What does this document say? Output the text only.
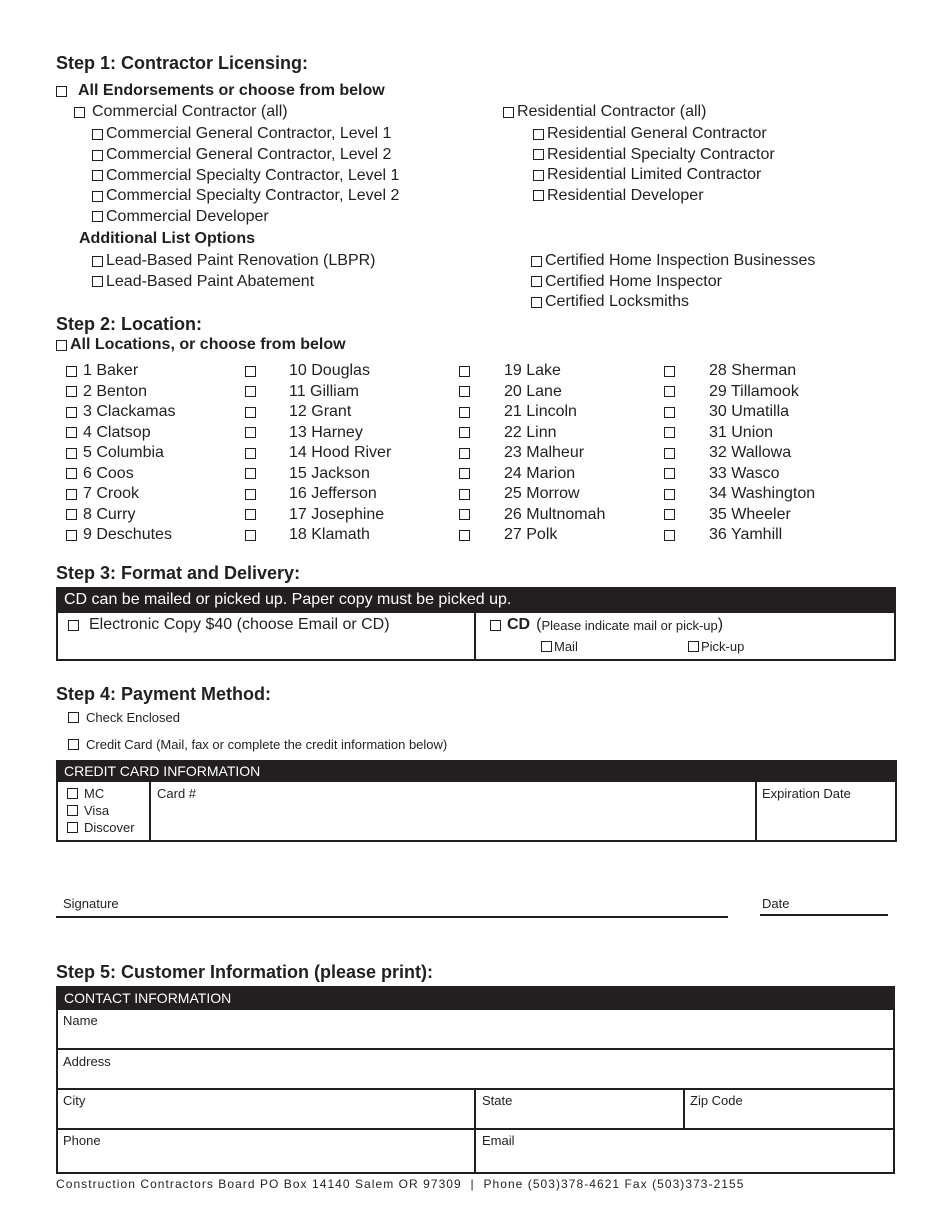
Step 1: Contractor Licensing:
All Endorsements or choose from below
Commercial Contractor (all)
Commercial General Contractor, Level 1
Commercial General Contractor, Level 2
Commercial Specialty Contractor, Level 1
Commercial Specialty Contractor, Level 2
Commercial Developer
Residential Contractor (all)
Residential General Contractor
Residential Specialty Contractor
Residential Limited Contractor
Residential Developer
Additional List Options
Lead-Based Paint Renovation (LBPR)
Lead-Based Paint Abatement
Certified Home Inspection Businesses
Certified Home Inspector
Certified Locksmiths
Step 2: Location:
All Locations, or choose from below
1 Baker
2 Benton
3 Clackamas
4 Clatsop
5 Columbia
6 Coos
7 Crook
8 Curry
9 Deschutes
10 Douglas
11 Gilliam
12 Grant
13 Harney
14 Hood River
15 Jackson
16 Jefferson
17 Josephine
18 Klamath
19 Lake
20 Lane
21 Lincoln
22 Linn
23 Malheur
24 Marion
25 Morrow
26 Multnomah
27 Polk
28 Sherman
29 Tillamook
30 Umatilla
31 Union
32 Wallowa
33 Wasco
34 Washington
35 Wheeler
36 Yamhill
Step 3: Format and Delivery:
CD can be mailed or picked up. Paper copy must be picked up.
Electronic Copy $40 (choose Email or CD)	CD ( Please indicate mail or pick-up )
Mail	Pick-up
Step 4: Payment Method:
Check Enclosed
Credit Card (Mail, fax or complete the credit information below)
CREDIT CARD INFORMATION
MC
Visa
Discover
Card #	Expiration Date
Signature	Date
Step 5: Customer Information (please print):
CONTACT INFORMATION
Name
Address
City	State	Zip Code
Phone	Email
Construction Contractors Board PO Box 14140 Salem OR 97309  |  Phone (503)378-4621 Fax (503)373-2155
